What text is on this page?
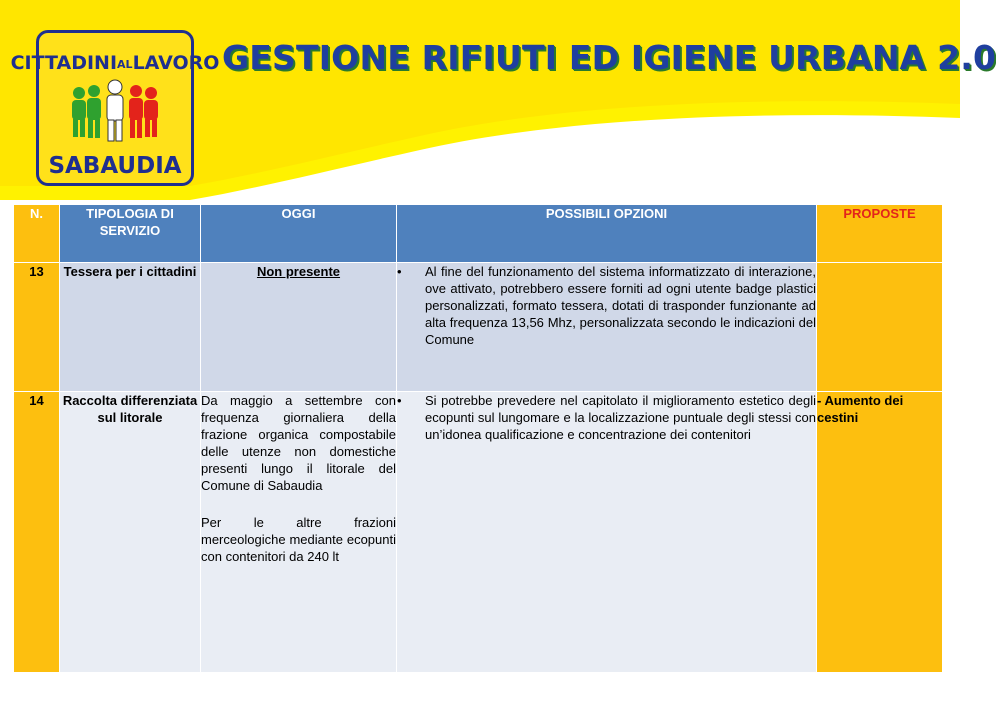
CITTADINIALLAVORO
SABAUDIA
GESTIONE RIFIUTI ED IGIENE URBANA 2.0
N.	TIPOLOGIA DI SERVIZIO	OGGI	POSSIBILI OPZIONI	PROPOSTE
13	Tessera per i cittadini	Non presente	• Al fine del funzionamento del sistema informatizzato di interazione, ove attivato, potrebbero essere forniti ad ogni utente badge plastici personalizzati, formato tessera, dotati di trasponder funzionante ad alta frequenza 13,56 Mhz, personalizzata secondo le indicazioni del Comune	

14	Raccolta differenziata sul litorale	Da maggio a settembre con frequenza giornaliera della frazione organica compostabile delle utenze non domestiche presenti lungo il litorale del Comune di Sabaudia
Per le altre frazioni merceologiche mediante ecopunti con contenitori da 240 lt	• Si potrebbe prevedere nel capitolato il miglioramento estetico degli ecopunti sul lungomare e la localizzazione puntuale degli stessi con un’idonea qualificazione e concentrazione dei contenitori	- Aumento dei cestini
